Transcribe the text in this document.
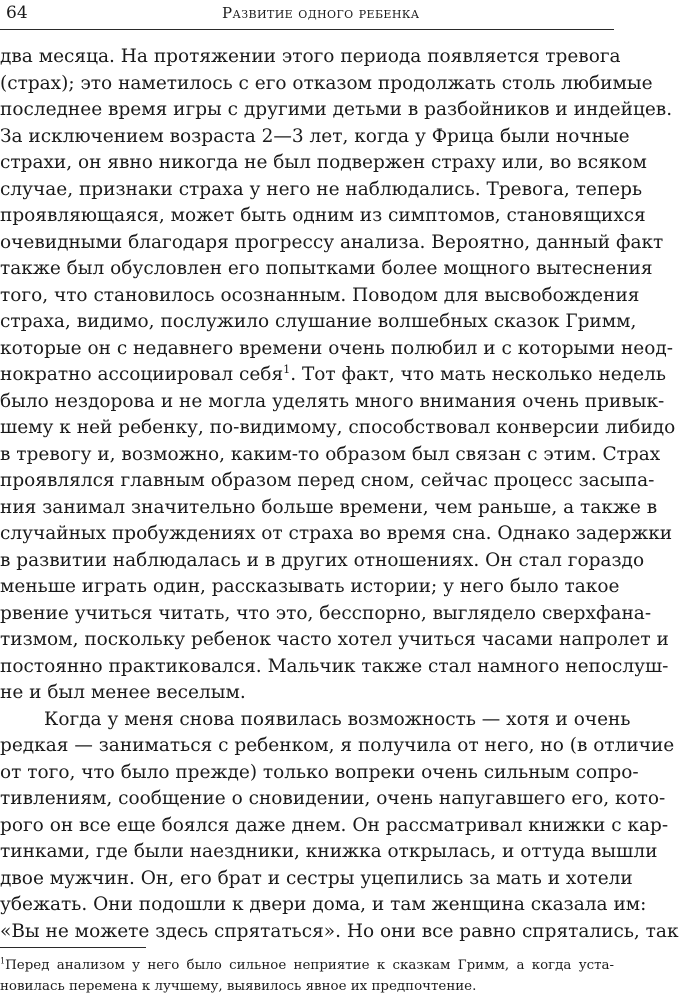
64	Развитие одного ребенка
два месяца. На протяжении этого периода появляется тревога
(страх); это наметилось с его отказом продолжать столь любимые
последнее время игры с другими детьми в разбойников и индейцев.
За исключением возраста 2—3 лет, когда у Фрица были ночные
страхи, он явно никогда не был подвержен страху или, во всяком
случае, признаки страха у него не наблюдались. Тревога, теперь
проявляющаяся, может быть одним из симптомов, становящихся
очевидными благодаря прогрессу анализа. Вероятно, данный факт
также был обусловлен его попытками более мощного вытеснения
того, что становилось осознанным. Поводом для высвобождения
страха, видимо, послужило слушание волшебных сказок Гримм,
которые он с недавнего времени очень полюбил и с которыми неод-
нократно ассоциировал себя$^1$. Тот факт, что мать несколько недель
было нездорова и не могла уделять много внимания очень привык-
шему к ней ребенку, по-видимому, способствовал конверсии либидо
в тревогу и, возможно, каким-то образом был связан с этим. Страх
проявлялся главным образом перед сном, сейчас процесс засыпа-
ния занимал значительно больше времени, чем раньше, а также в
случайных пробуждениях от страха во время сна. Однако задержки
в развитии наблюдалась и в других отношениях. Он стал гораздо
меньше играть один, рассказывать истории; у него было такое
рвение учиться читать, что это, бесспорно, выглядело сверхфана-
тизмом, поскольку ребенок часто хотел учиться часами напролет и
постоянно практиковался. Мальчик также стал намного непослуш-
не и был менее веселым.
Когда у меня снова появилась возможность — хотя и очень
редкая — заниматься с ребенком, я получила от него, но (в отличие
от того, что было прежде) только вопреки очень сильным сопро-
тивлениям, сообщение о сновидении, очень напугавшего его, кото-
рого он все еще боялся даже днем. Он рассматривал книжки с кар-
тинками, где были наездники, книжка открылась, и оттуда вышли
двое мужчин. Он, его брат и сестры уцепились за мать и хотели
убежать. Они подошли к двери дома, и там женщина сказала им:
«Вы не можете здесь спрятаться». Но они все равно спрятались, так
$^1$Перед анализом у него было сильное неприятие к сказкам Гримм, а когда уста-
новилась перемена к лучшему, выявилось явное их предпочтение.
